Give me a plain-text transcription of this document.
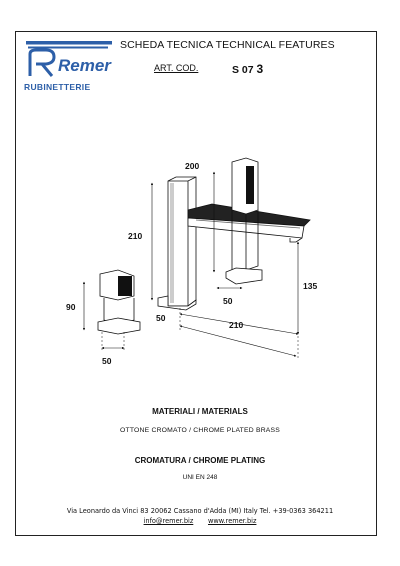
Remer
RUBINETTERIE
SCHEDA TECNICA TECHNICAL FEATURES
ART. COD.	S 07 3
200
210
135
50
90
50
210
50
MATERIALI / MATERIALS
OTTONE CROMATO / CHROME PLATED BRASS
CROMATURA / CHROME PLATING
UNI EN 248
Via Leonardo da Vinci 83 20062 Cassano d'Adda (MI) Italy Tel. +39-0363 364211
info@remer.biz www.remer.biz
